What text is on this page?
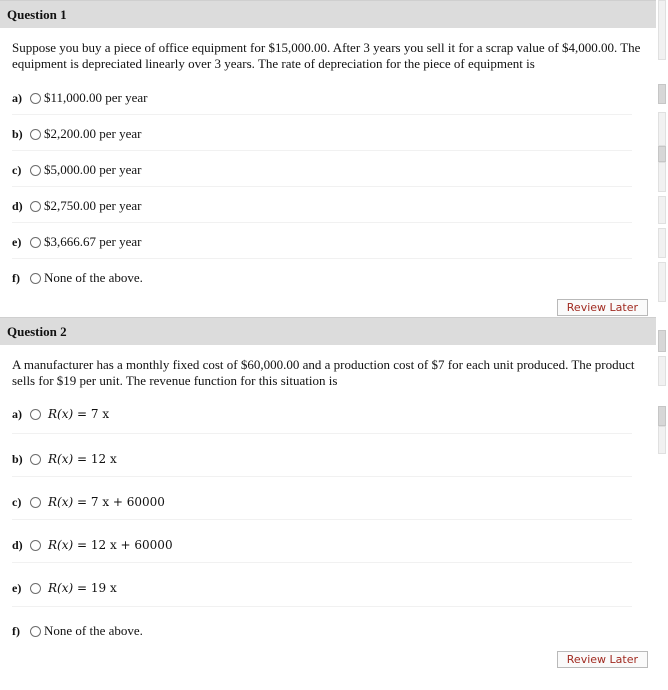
Question 1
Suppose you buy a piece of office equipment for $15,000.00. After 3 years you sell it for a scrap value of $4,000.00. The equipment is depreciated linearly over 3 years. The rate of depreciation for the piece of equipment is
a)	$11,000.00 per year
b)	$2,200.00 per year
c)	$5,000.00 per year
d)	$2,750.00 per year
e)	$3,666.67 per year
f)	None of the above.
Review Later
Question 2
A manufacturer has a monthly fixed cost of $60,000.00 and a production cost of $7 for each unit produced. The product sells for $19 per unit. The revenue function for this situation is
a)	R(x) = 7 x
b)	R(x) = 12 x
c)	R(x) = 7 x + 60000
d)	R(x) = 12 x + 60000
e)	R(x) = 19 x
f)	None of the above.
Review Later
